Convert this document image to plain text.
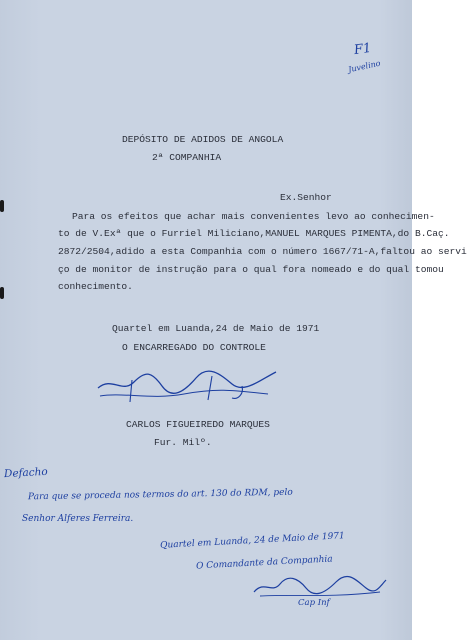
F1
Juvelino
DEPÓSITO DE ADIDOS DE ANGOLA
2ª COMPANHIA
Ex.Senhor
Para os efeitos que achar mais convenientes levo ao conhecimen-
to de V.Exª que o Furriel Miliciano,MANUEL MARQUES PIMENTA,do B.Caç.
2872/2504,adido a esta Companhia com o número 1667/71-A,faltou ao servi
ço de monitor de instrução para o qual fora nomeado e do qual tomou
conhecimento.
Quartel em Luanda,24 de Maio de 1971
O ENCARREGADO DO CONTROLE
CARLOS FIGUEIREDO MARQUES
Fur. Milº.
Defacho
Para que se proceda nos termos do art. 130 do RDM, pelo
Senhor Alferes Ferreira.
Quartel em Luanda, 24 de Maio de 1971
O Comandante da Companhia
Cap Inf
